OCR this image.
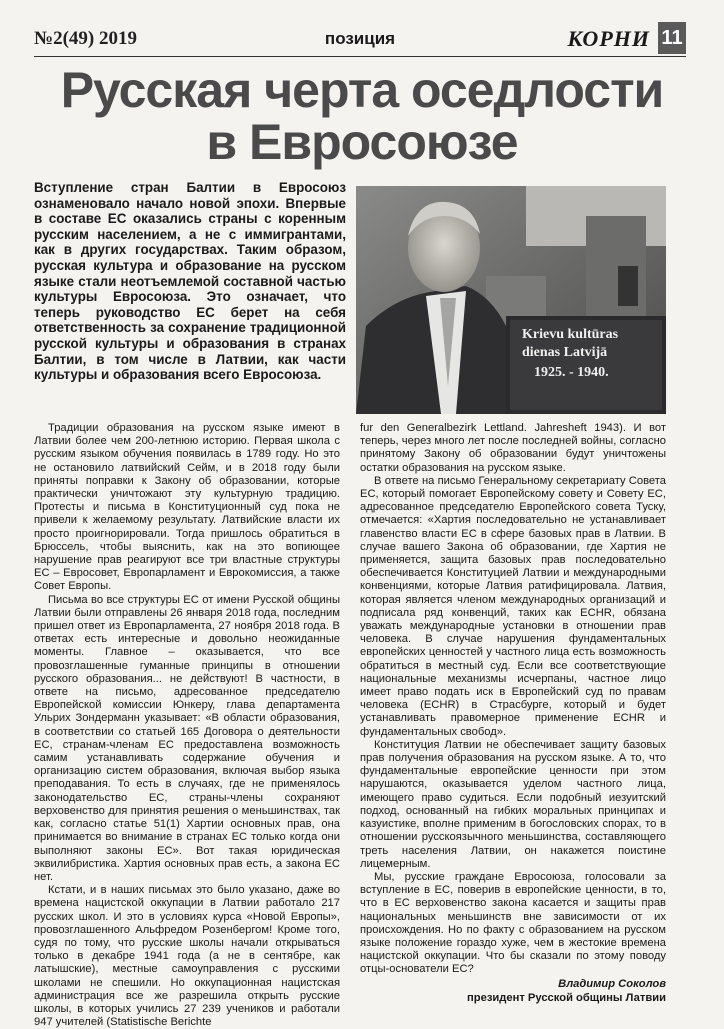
№2(49) 2019	позиция	КОРНИ 11
Русская черта оседлости
в Евросоюзе
Вступление стран Балтии в Евросоюз ознаменовало начало новой эпохи. Впервые в составе ЕС оказались страны с коренным русским населением, а не с иммигрантами, как в других государствах. Таким образом, русская культура и образование на русском языке стали неотъемлемой составной частью культуры Евросоюза. Это означает, что теперь руководство ЕС берет на себя ответственность за сохранение традиционной русской культуры и образования в странах Балтии, в том числе в Латвии, как части культуры и образования всего Евросоюза.
Krievu kultūras
dienas Latvijā
1925. - 1940.

Традиции образования на русском языке имеют в Латвии более чем 200-летнюю историю. Первая школа с русским языком обучения появилась в 1789 году. Но это не остановило латвийский Сейм, и в 2018 году были приняты поправки к Закону об образовании, которые практически уничтожают эту культурную традицию. Протесты и письма в Конституционный суд пока не привели к желаемому результату. Латвийские власти их просто проигнорировали. Тогда пришлось обратиться в Брюссель, чтобы выяснить, как на это вопиющее нарушение прав реагируют все три властные структуры ЕС – Евросовет, Европарламент и Еврокомиссия, а также Совет Европы.

Письма во все структуры ЕС от имени Русской общины Латвии были отправлены 26 января 2018 года, последним пришел ответ из Европарламента, 27 ноября 2018 года. В ответах есть интересные и довольно неожиданные моменты. Главное – оказывается, что все провозглашенные гуманные принципы в отношении русского образования... не действуют! В частности, в ответе на письмо, адресованное председателю Европейской комиссии Юнкеру, глава департамента Ульрих Зондерманн указывает: «В области образования, в соответствии со статьей 165 Договора о деятельности ЕС, странам-членам ЕС предоставлена возможность самим устанавливать содержание обучения и организацию систем образования, включая выбор языка преподавания. То есть в случаях, где не применялось законодательство ЕС, страны-члены сохраняют верховенство для принятия решения о меньшинствах, так как, согласно статье 51(1) Хартии основных прав, она принимается во внимание в странах ЕС только когда они выполняют законы ЕС». Вот такая юридическая эквилибристика. Хартия основных прав есть, а закона ЕС нет.

Кстати, и в наших письмах это было указано, даже во времена нацистской оккупации в Латвии работало 217 русских школ. И это в условиях курса «Новой Европы», провозглашенного Альфредом Розенбергом! Кроме того, судя по тому, что русские школы начали открываться только в декабре 1941 года (а не в сентябре, как латышские), местные самоуправления с русскими школами не спешили. Но оккупационная нацистская администрация все же разрешила открыть русские школы, в которых учились 27 239 учеников и работали 947 учителей (Statistische Berichte

fur den Generalbezirk Lettland. Jahresheft 1943). И вот теперь, через много лет после последней войны, согласно принятому Закону об образовании будут уничтожены остатки образования на русском языке.

В ответе на письмо Генеральному секретариату Совета ЕС, который помогает Европейскому совету и Совету ЕС, адресованное председателю Европейского совета Туску, отмечается: «Хартия последовательно не устанавливает главенство власти ЕС в сфере базовых прав в Латвии. В случае вашего Закона об образовании, где Хартия не применяется, защита базовых прав последовательно обеспечивается Конституцией Латвии и международными конвенциями, которые Латвия ратифицировала. Латвия, которая является членом международных организаций и подписала ряд конвенций, таких как ECHR, обязана уважать международные установки в отношении прав человека. В случае нарушения фундаментальных европейских ценностей у частного лица есть возможность обратиться в местный суд. Если все соответствующие национальные механизмы исчерпаны, частное лицо имеет право подать иск в Европейский суд по правам человека (ECHR) в Страсбурге, который и будет устанавливать правомерное применение ECHR и фундаментальных свобод».

Конституция Латвии не обеспечивает защиту базовых прав получения образования на русском языке. А то, что фундаментальные европейские ценности при этом нарушаются, оказывается уделом частного лица, имеющего право судиться. Если подобный иезуитский подход, основанный на гибких моральных принципах и казуистике, вполне применим в богословских спорах, то в отношении русскоязычного меньшинства, составляющего треть населения Латвии, он накажется поистине лицемерным.

Мы, русские граждане Евросоюза, голосовали за вступление в ЕС, поверив в европейские ценности, в то, что в ЕС верховенство закона касается и защиты прав национальных меньшинств вне зависимости от их происхождения. Но по факту с образованием на русском языке положение гораздо хуже, чем в жестокие времена нацистской оккупации. Что бы сказали по этому поводу отцы-основатели ЕС?

Владимир Соколов

президент Русской общины Латвии
